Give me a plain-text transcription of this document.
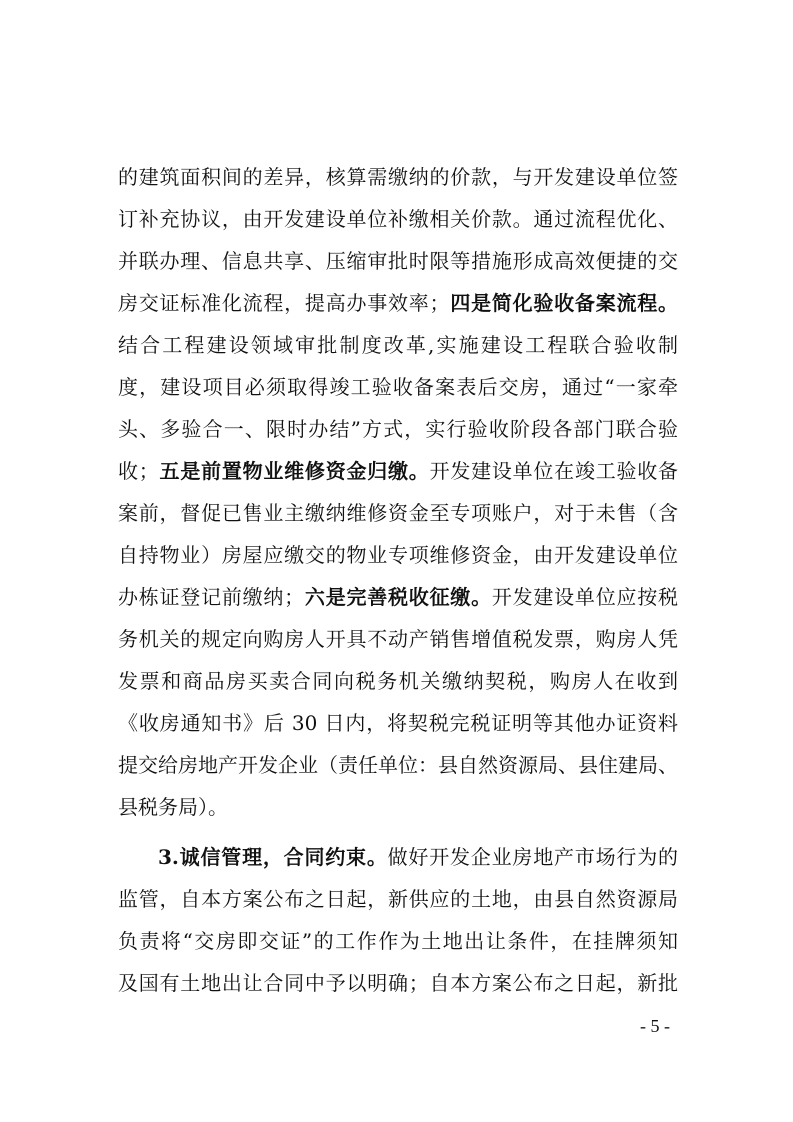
的建筑面积间的差异，核算需缴纳的价款，与开发建设单位签
订补充协议，由开发建设单位补缴相关价款。通过流程优化、
并联办理、信息共享、压缩审批时限等措施形成高效便捷的交
房交证标准化流程，提高办事效率；四是简化验收备案流程。
结合工程建设领域审批制度改革,实施建设工程联合验收制
度，建设项目必须取得竣工验收备案表后交房，通过“一家牵
头、多验合一、限时办结”方式，实行验收阶段各部门联合验
收；五是前置物业维修资金归缴。开发建设单位在竣工验收备
案前，督促已售业主缴纳维修资金至专项账户，对于未售（含
自持物业）房屋应缴交的物业专项维修资金，由开发建设单位
办栋证登记前缴纳；六是完善税收征缴。开发建设单位应按税
务机关的规定向购房人开具不动产销售增值税发票，购房人凭
发票和商品房买卖合同向税务机关缴纳契税，购房人在收到
《收房通知书》后 30 日内，将契税完税证明等其他办证资料
提交给房地产开发企业（责任单位：县自然资源局、县住建局、
县税务局）。
3.诚信管理，合同约束。做好开发企业房地产市场行为的
监管，自本方案公布之日起，新供应的土地，由县自然资源局
负责将“交房即交证”的工作作为土地出让条件，在挂牌须知
及国有土地出让合同中予以明确；自本方案公布之日起，新批
- 5 -
